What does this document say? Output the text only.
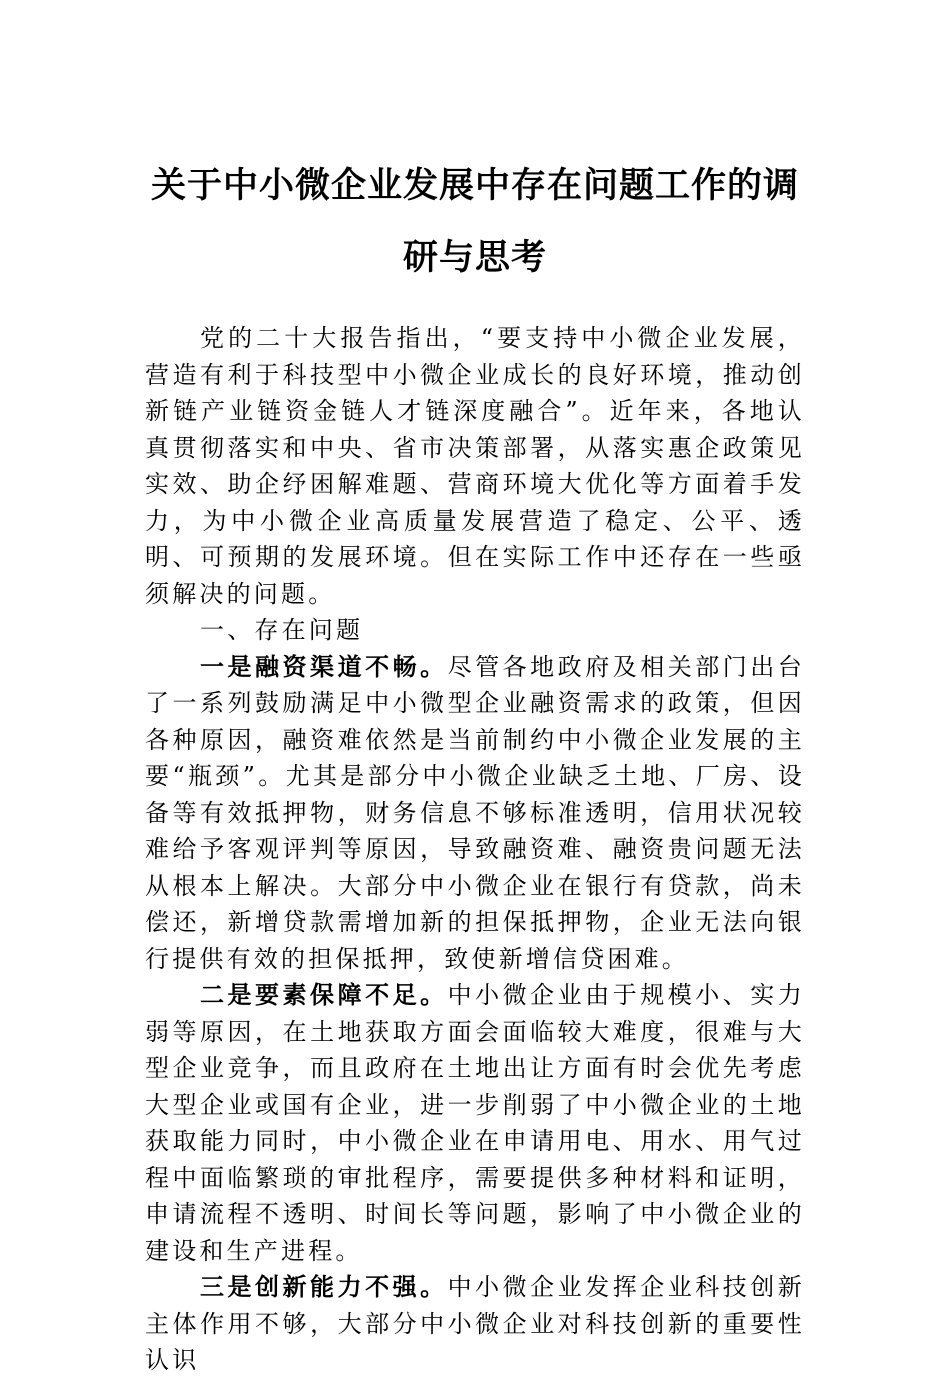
关于中小微企业发展中存在问题工作的调
研与思考

党的二十大报告指出，“要支持中小微企业发展，营造有利于科技型中小微企业成长的良好环境，推动创新链产业链资金链人才链深度融合”。近年来，各地认真贯彻落实和中央、省市决策部署，从落实惠企政策见实效、助企纾困解难题、营商环境大优化等方面着手发力，为中小微企业高质量发展营造了稳定、公平、透明、可预期的发展环境。但在实际工作中还存在一些亟须解决的问题。

一、存在问题

一是融资渠道不畅。尽管各地政府及相关部门出台了一系列鼓励满足中小微型企业融资需求的政策，但因各种原因，融资难依然是当前制约中小微企业发展的主要“瓶颈”。尤其是部分中小微企业缺乏土地、厂房、设备等有效抵押物，财务信息不够标准透明，信用状况较难给予客观评判等原因，导致融资难、融资贵问题无法从根本上解决。大部分中小微企业在银行有贷款，尚未偿还，新增贷款需增加新的担保抵押物，企业无法向银行提供有效的担保抵押，致使新增信贷困难。

二是要素保障不足。中小微企业由于规模小、实力弱等原因，在土地获取方面会面临较大难度，很难与大型企业竞争，而且政府在土地出让方面有时会优先考虑大型企业或国有企业，进一步削弱了中小微企业的土地获取能力同时，中小微企业在申请用电、用水、用气过程中面临繁琐的审批程序，需要提供多种材料和证明，申请流程不透明、时间长等问题，影响了中小微企业的建设和生产进程。

三是创新能力不强。中小微企业发挥企业科技创新主体作用不够，大部分中小微企业对科技创新的重要性认识
